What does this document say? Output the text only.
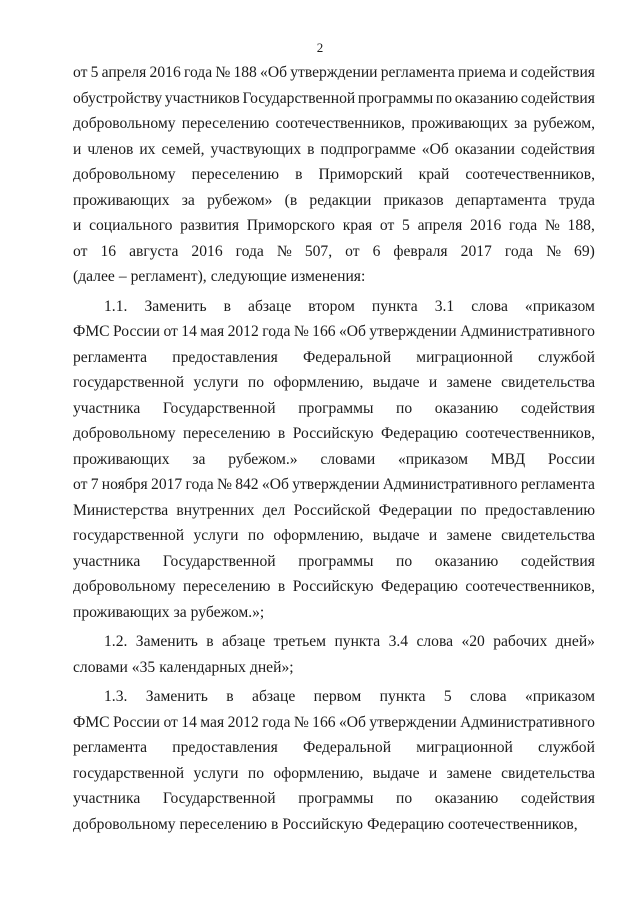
2
от 5 апреля 2016 года № 188 «Об утверждении регламента приема и содействия
обустройству участников Государственной программы по оказанию содействия
добровольному переселению соотечественников, проживающих за рубежом,
и членов их семей, участвующих в подпрограмме «Об оказании содействия
добровольному переселению в Приморский край соотечественников,
проживающих за рубежом» (в редакции приказов департамента труда
и социального развития Приморского края от 5 апреля 2016 года № 188,
от 16 августа 2016 года № 507, от 6 февраля 2017 года № 69)
(далее – регламент), следующие изменения:
1.1. Заменить в абзаце втором пункта 3.1 слова «приказом
ФМС России от 14 мая 2012 года № 166 «Об утверждении Административного
регламента предоставления Федеральной миграционной службой
государственной услуги по оформлению, выдаче и замене свидетельства
участника Государственной программы по оказанию содействия
добровольному переселению в Российскую Федерацию соотечественников,
проживающих за рубежом.» словами «приказом МВД России
от 7 ноября 2017 года № 842 «Об утверждении Административного регламента
Министерства внутренних дел Российской Федерации по предоставлению
государственной услуги по оформлению, выдаче и замене свидетельства
участника Государственной программы по оказанию содействия
добровольному переселению в Российскую Федерацию соотечественников,
проживающих за рубежом.»;
1.2. Заменить в абзаце третьем пункта 3.4 слова «20 рабочих дней»
словами «35 календарных дней»;
1.3. Заменить в абзаце первом пункта 5 слова «приказом
ФМС России от 14 мая 2012 года № 166 «Об утверждении Административного
регламента предоставления Федеральной миграционной службой
государственной услуги по оформлению, выдаче и замене свидетельства
участника Государственной программы по оказанию содействия
добровольному переселению в Российскую Федерацию соотечественников,
